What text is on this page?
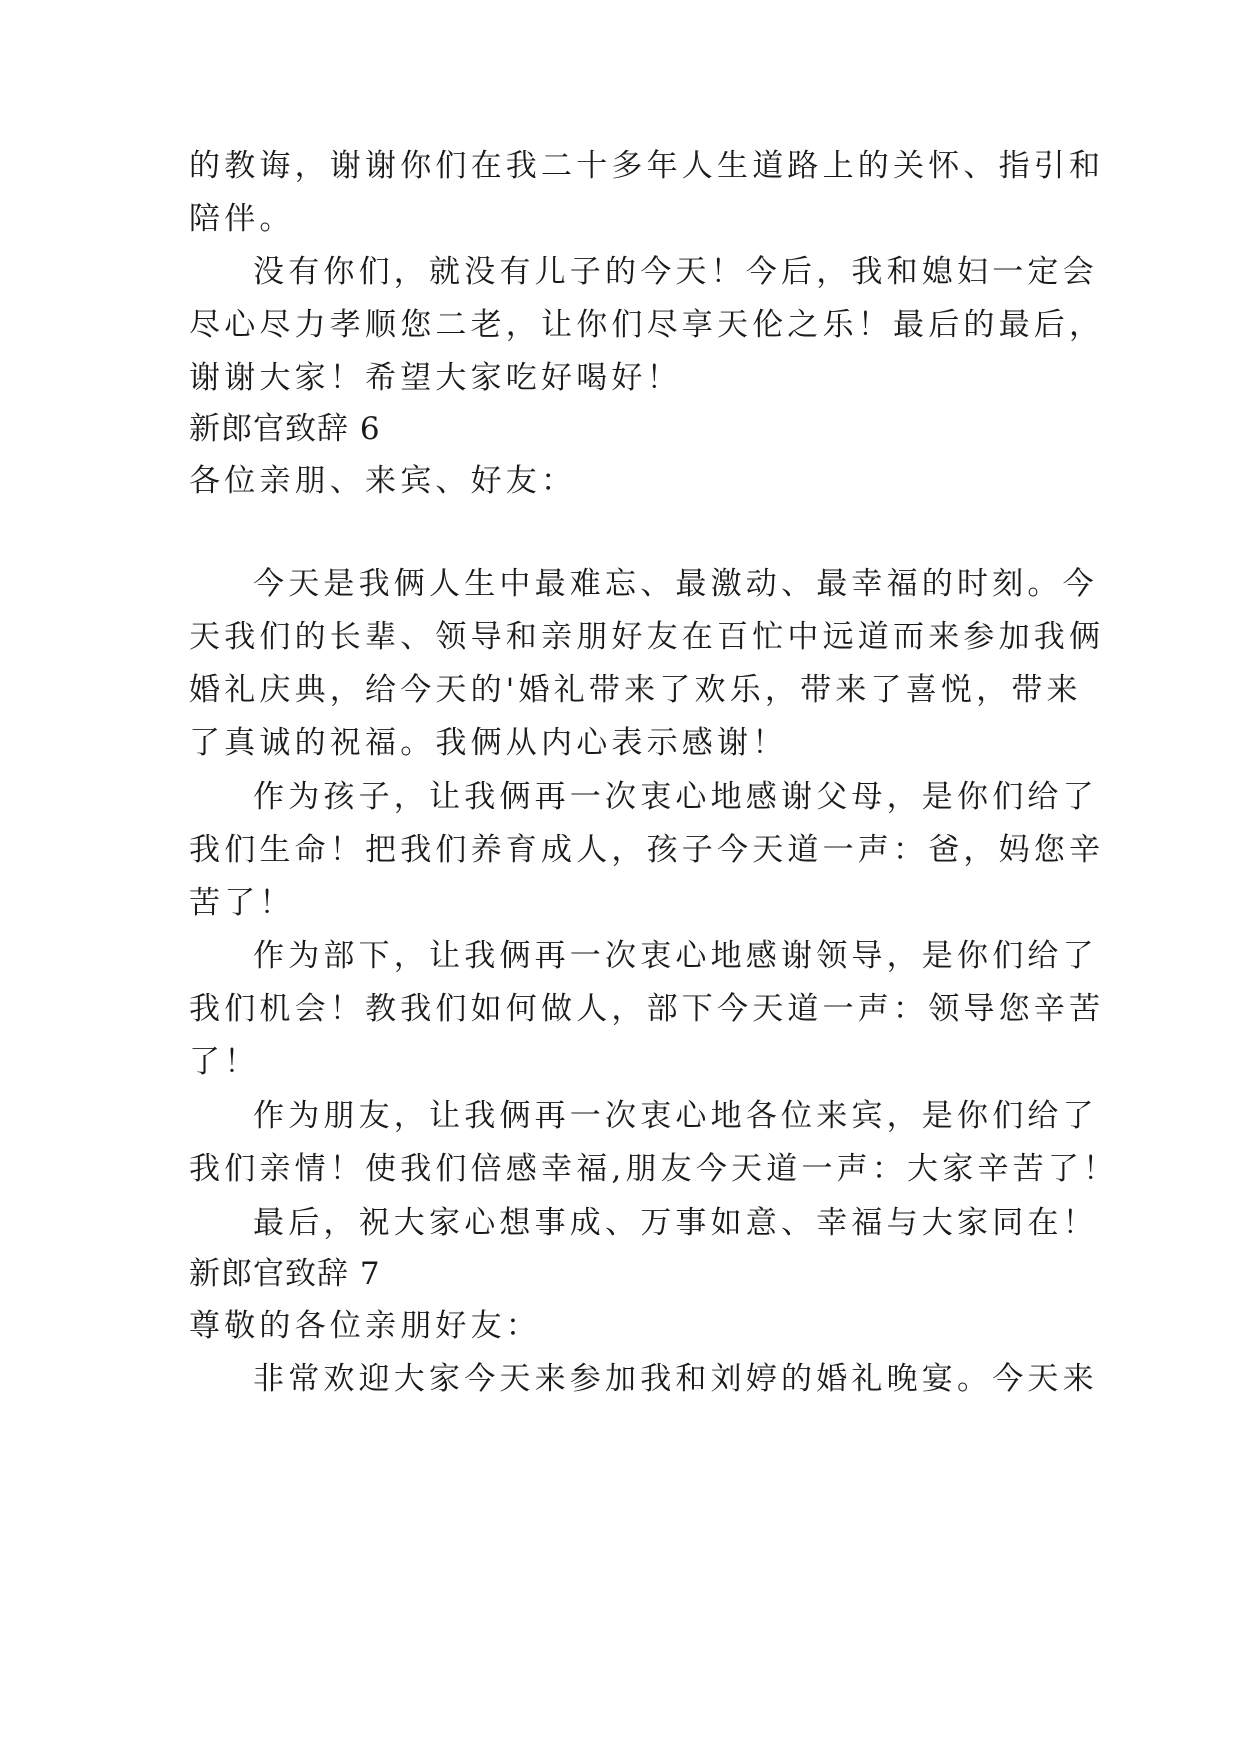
的教诲，谢谢你们在我二十多年人生道路上的关怀、指引和
陪伴。
没有你们，就没有儿子的今天！今后，我和媳妇一定会
尽心尽力孝顺您二老，让你们尽享天伦之乐！最后的最后，
谢谢大家！希望大家吃好喝好！
新郎官致辞 6
各位亲朋、来宾、好友：
今天是我俩人生中最难忘、最激动、最幸福的时刻。今
天我们的长辈、领导和亲朋好友在百忙中远道而来参加我俩
婚礼庆典，给今天的'婚礼带来了欢乐，带来了喜悦，带来
了真诚的祝福。我俩从内心表示感谢！
作为孩子，让我俩再一次衷心地感谢父母，是你们给了
我们生命！把我们养育成人，孩子今天道一声：爸，妈您辛
苦了！
作为部下，让我俩再一次衷心地感谢领导，是你们给了
我们机会！教我们如何做人，部下今天道一声：领导您辛苦
了！
作为朋友，让我俩再一次衷心地各位来宾，是你们给了
我们亲情！使我们倍感幸福,朋友今天道一声：大家辛苦了！
最后，祝大家心想事成、万事如意、幸福与大家同在！
新郎官致辞 7
尊敬的各位亲朋好友：
非常欢迎大家今天来参加我和刘婷的婚礼晚宴。今天来
